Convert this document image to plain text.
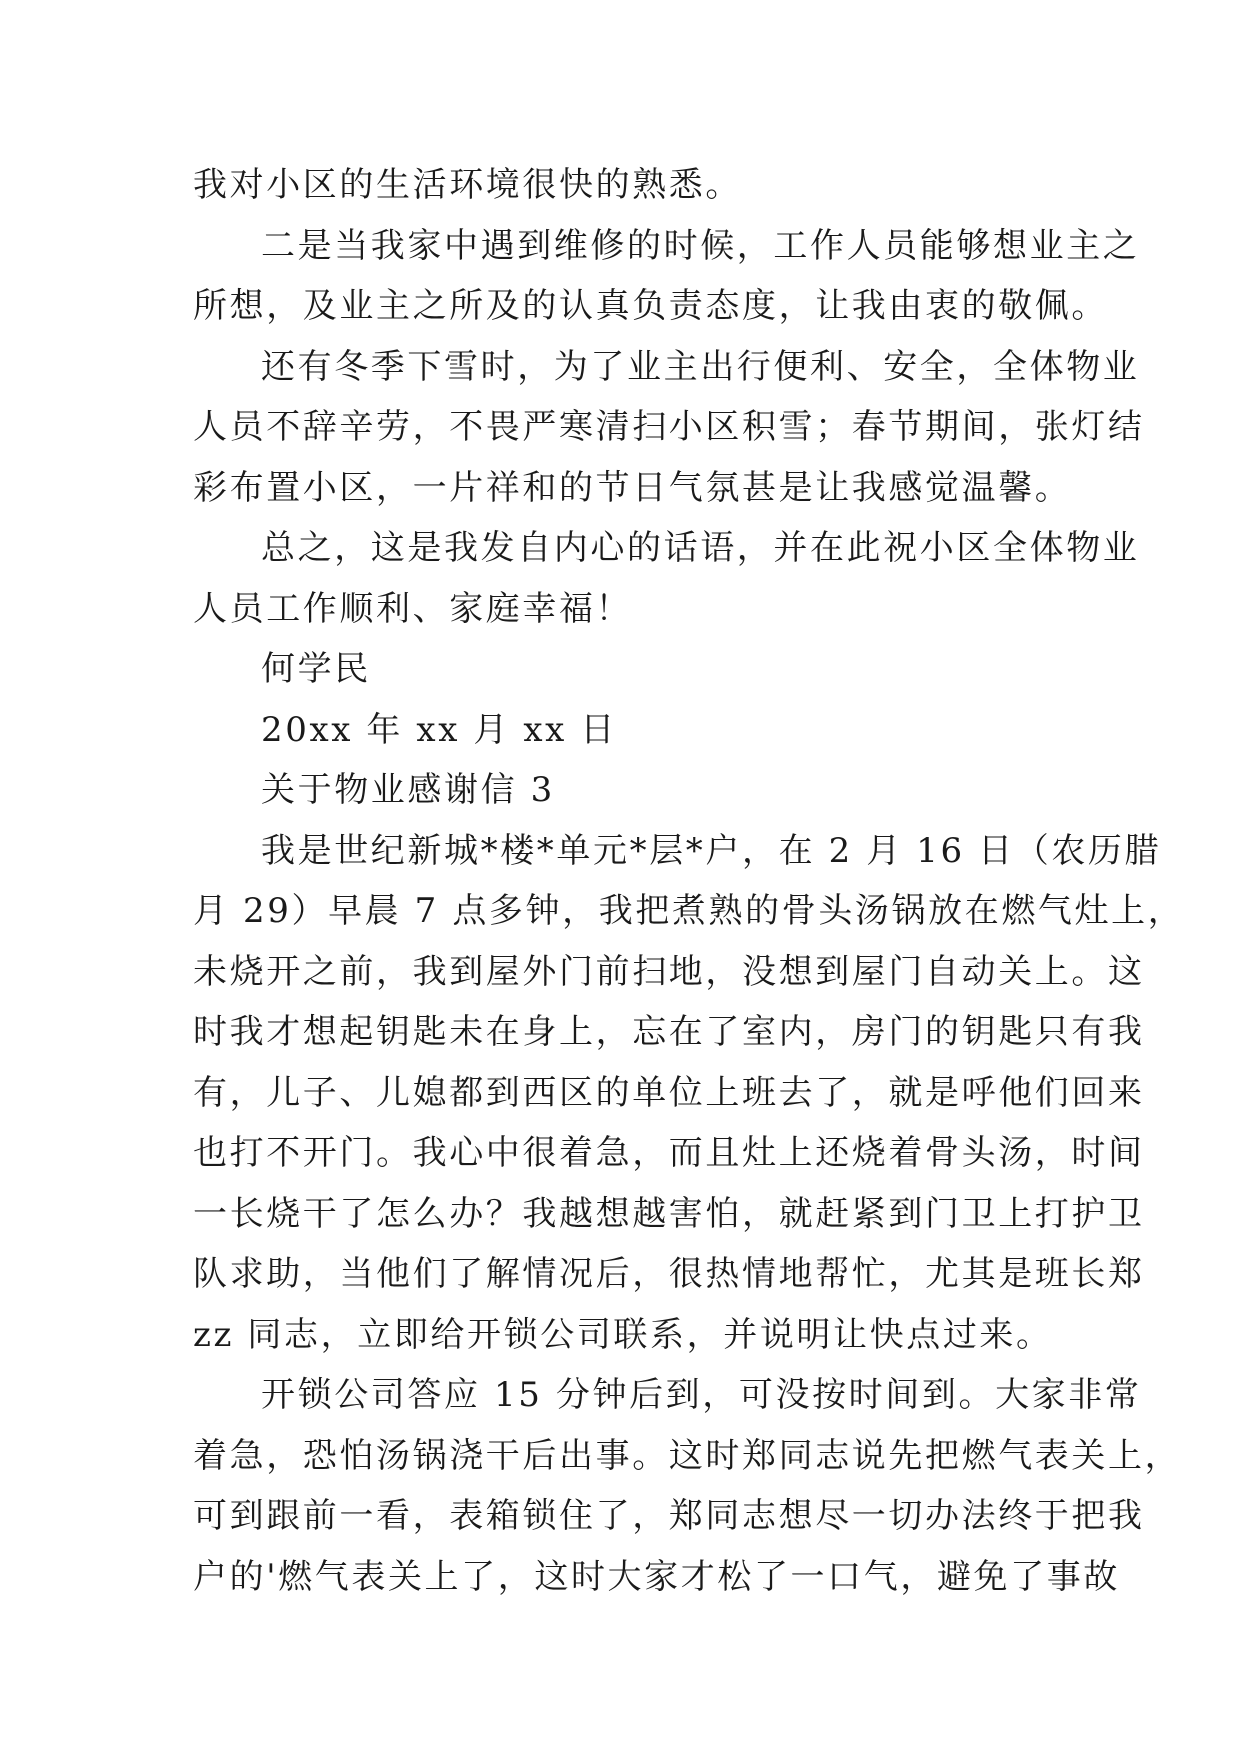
我对小区的生活环境很快的熟悉。

二是当我家中遇到维修的时候，工作人员能够想业主之
所想，及业主之所及的认真负责态度，让我由衷的敬佩。

还有冬季下雪时，为了业主出行便利、安全，全体物业
人员不辞辛劳，不畏严寒清扫小区积雪；春节期间，张灯结
彩布置小区，一片祥和的节日气氛甚是让我感觉温馨。

总之，这是我发自内心的话语，并在此祝小区全体物业
人员工作顺利、家庭幸福！

何学民

20xx 年 xx 月 xx 日

关于物业感谢信 3

我是世纪新城*楼*单元*层*户，在 2 月 16 日（农历腊
月 29）早晨 7 点多钟，我把煮熟的骨头汤锅放在燃气灶上，
未烧开之前，我到屋外门前扫地，没想到屋门自动关上。这
时我才想起钥匙未在身上，忘在了室内，房门的钥匙只有我
有，儿子、儿媳都到西区的单位上班去了，就是呼他们回来
也打不开门。我心中很着急，而且灶上还烧着骨头汤，时间
一长烧干了怎么办？我越想越害怕，就赶紧到门卫上打护卫
队求助，当他们了解情况后，很热情地帮忙，尤其是班长郑
zz 同志，立即给开锁公司联系，并说明让快点过来。

开锁公司答应 15 分钟后到，可没按时间到。大家非常
着急，恐怕汤锅浇干后出事。这时郑同志说先把燃气表关上，
可到跟前一看，表箱锁住了，郑同志想尽一切办法终于把我
户的'燃气表关上了，这时大家才松了一口气，避免了事故
